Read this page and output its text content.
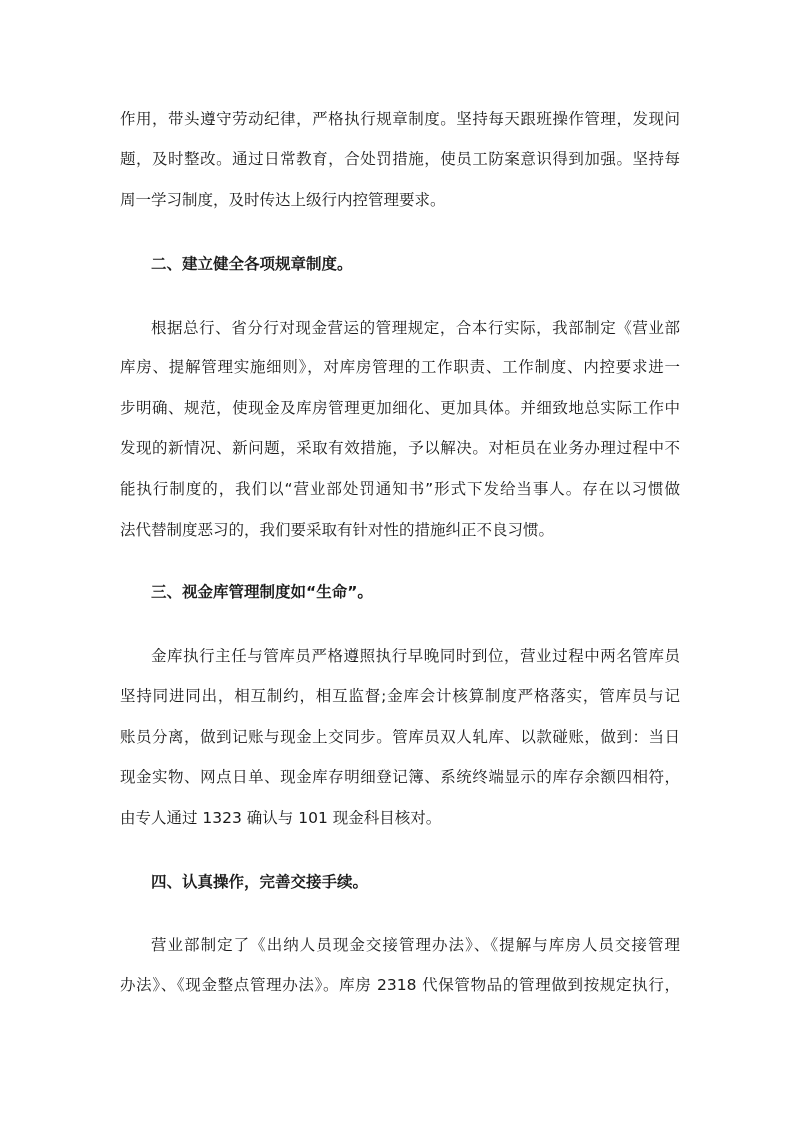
作用，带头遵守劳动纪律，严格执行规章制度。坚持每天跟班操作管理，发现问
题，及时整改。通过日常教育，合处罚措施，使员工防案意识得到加强。坚持每
周一学习制度，及时传达上级行内控管理要求。
二、建立健全各项规章制度。
根据总行、省分行对现金营运的管理规定，合本行实际，我部制定《营业部
库房、提解管理实施细则》，对库房管理的工作职责、工作制度、内控要求进一
步明确、规范，使现金及库房管理更加细化、更加具体。并细致地总实际工作中
发现的新情况、新问题，采取有效措施，予以解决。对柜员在业务办理过程中不
能执行制度的，我们以“营业部处罚通知书”形式下发给当事人。存在以习惯做
法代替制度恶习的，我们要采取有针对性的措施纠正不良习惯。
三、视金库管理制度如“生命”。
金库执行主任与管库员严格遵照执行早晚同时到位，营业过程中两名管库员
坚持同进同出，相互制约，相互监督;金库会计核算制度严格落实，管库员与记
账员分离，做到记账与现金上交同步。管库员双人轧库、以款碰账，做到：当日
现金实物、网点日单、现金库存明细登记簿、系统终端显示的库存余额四相符，
由专人通过 1323 确认与 101 现金科目核对。
四、认真操作，完善交接手续。
营业部制定了《出纳人员现金交接管理办法》、《提解与库房人员交接管理
办法》、《现金整点管理办法》。库房 2318 代保管物品的管理做到按规定执行，
